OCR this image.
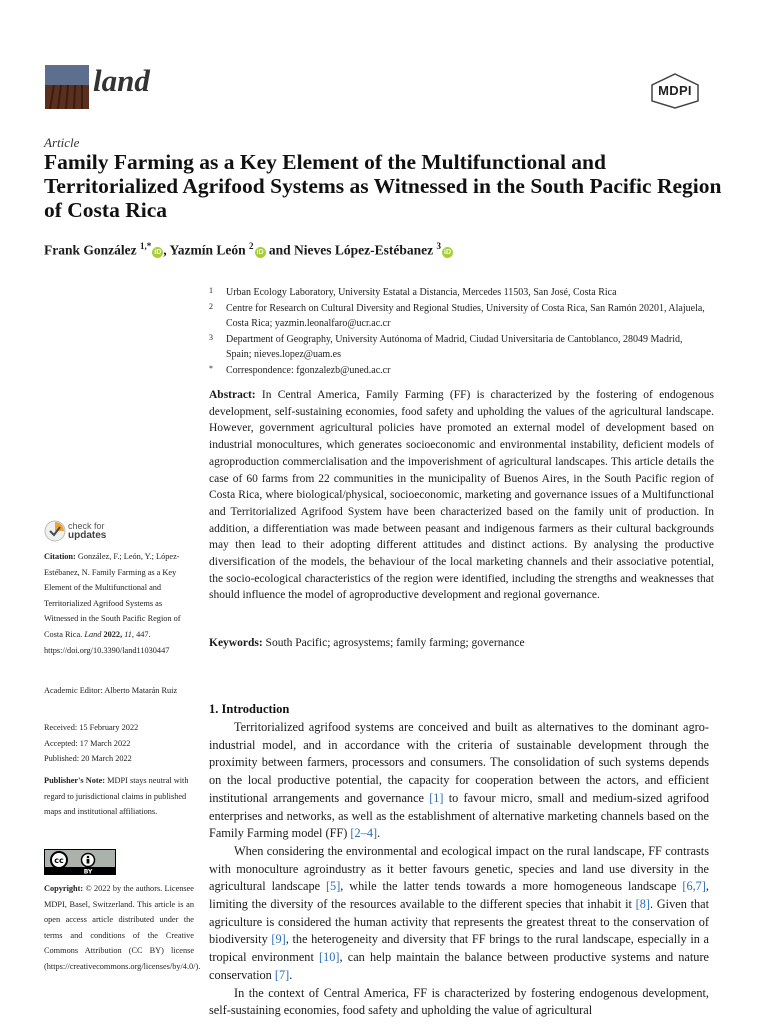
land	MDPI
Article
Family Farming as a Key Element of the Multifunctional and Territorialized Agrifood Systems as Witnessed in the South Pacific Region of Costa Rica
Frank González $^{1,*}$iD , Yazmín León $^2$iD and Nieves López-Estébanez $^3$iD
1 Urban Ecology Laboratory, University Estatal a Distancia, Mercedes 11503, San José, Costa Rica
2 Centre for Research on Cultural Diversity and Regional Studies, University of Costa Rica, San Ramón 20201, Alajuela, Costa Rica; yazmin.leonalfaro@ucr.ac.cr
3 Department of Geography, University Autónoma of Madrid, Ciudad Universitaria de Cantoblanco, 28049 Madrid, Spain; nieves.lopez@uam.es
* Correspondence: fgonzalezb@uned.ac.cr
Abstract: In Central America, Family Farming (FF) is characterized by the fostering of endogenous development, self-sustaining economies, food safety and upholding the values of the agricultural landscape. However, government agricultural policies have promoted an external model of development based on industrial monocultures, which generates socioeconomic and environmental instability, deficient models of agroproduction commercialisation and the impoverishment of agricultural landscapes. This article details the case of 60 farms from 22 communities in the municipality of Buenos Aires, in the South Pacific region of Costa Rica, where biological/physical, socioeconomic, marketing and governance issues of a Multifunctional and Territorialized Agrifood System have been characterized based on the family unit of production. In addition, a differentiation was made between peasant and indigenous farmers as their cultural backgrounds may then lead to their adopting different attitudes and distinct actions. By analysing the productive diversification of the models, the behaviour of the local marketing channels and their associative potential, the socio-ecological characteristics of the region were identified, including the strengths and weaknesses that should influence the model of agroproductive development and regional governance.
Keywords: South Pacific; agrosystems; family farming; governance
check for
updates
Citation: González, F.; León, Y.; López-Estébanez, N. Family Farming as a Key Element of the Multifunctional and Territorialized Agrifood Systems as Witnessed in the South Pacific Region of Costa Rica. Land 2022, 11, 447. https://doi.org/10.3390/land11030447
Academic Editor: Alberto Matarán Ruiz
Received: 15 February 2022
Accepted: 17 March 2022
Published: 20 March 2022
Publisher's Note: MDPI stays neutral with regard to jurisdictional claims in published maps and institutional affiliations.
cc
BY
Copyright: © 2022 by the authors. Licensee MDPI, Basel, Switzerland. This article is an open access article distributed under the terms and conditions of the Creative Commons Attribution (CC BY) license (https://creativecommons.org/licenses/by/4.0/).
1. Introduction

Territorialized agrifood systems are conceived and built as alternatives to the dominant agro-industrial model, and in accordance with the criteria of sustainable development through the proximity between farmers, processors and consumers. The consolidation of such systems depends on the local productive potential, the capacity for cooperation between the actors, and efficient institutional arrangements and governance [1] to favour micro, small and medium-sized agrifood enterprises and networks, as well as the establishment of alternative marketing channels based on the Family Farming model (FF) [2–4].

When considering the environmental and ecological impact on the rural landscape, FF contrasts with monoculture agroindustry as it better favours genetic, species and land use diversity in the agricultural landscape [5], while the latter tends towards a more homogeneous landscape [6,7], limiting the diversity of the resources available to the different species that inhabit it [8]. Given that agriculture is considered the human activity that represents the greatest threat to the conservation of biodiversity [9], the heterogeneity and diversity that FF brings to the rural landscape, especially in a tropical environment [10], can help maintain the balance between productive systems and nature conservation [7].

In the context of Central America, FF is characterized by fostering endogenous development, self-sustaining economies, food safety and upholding the value of agricultural
